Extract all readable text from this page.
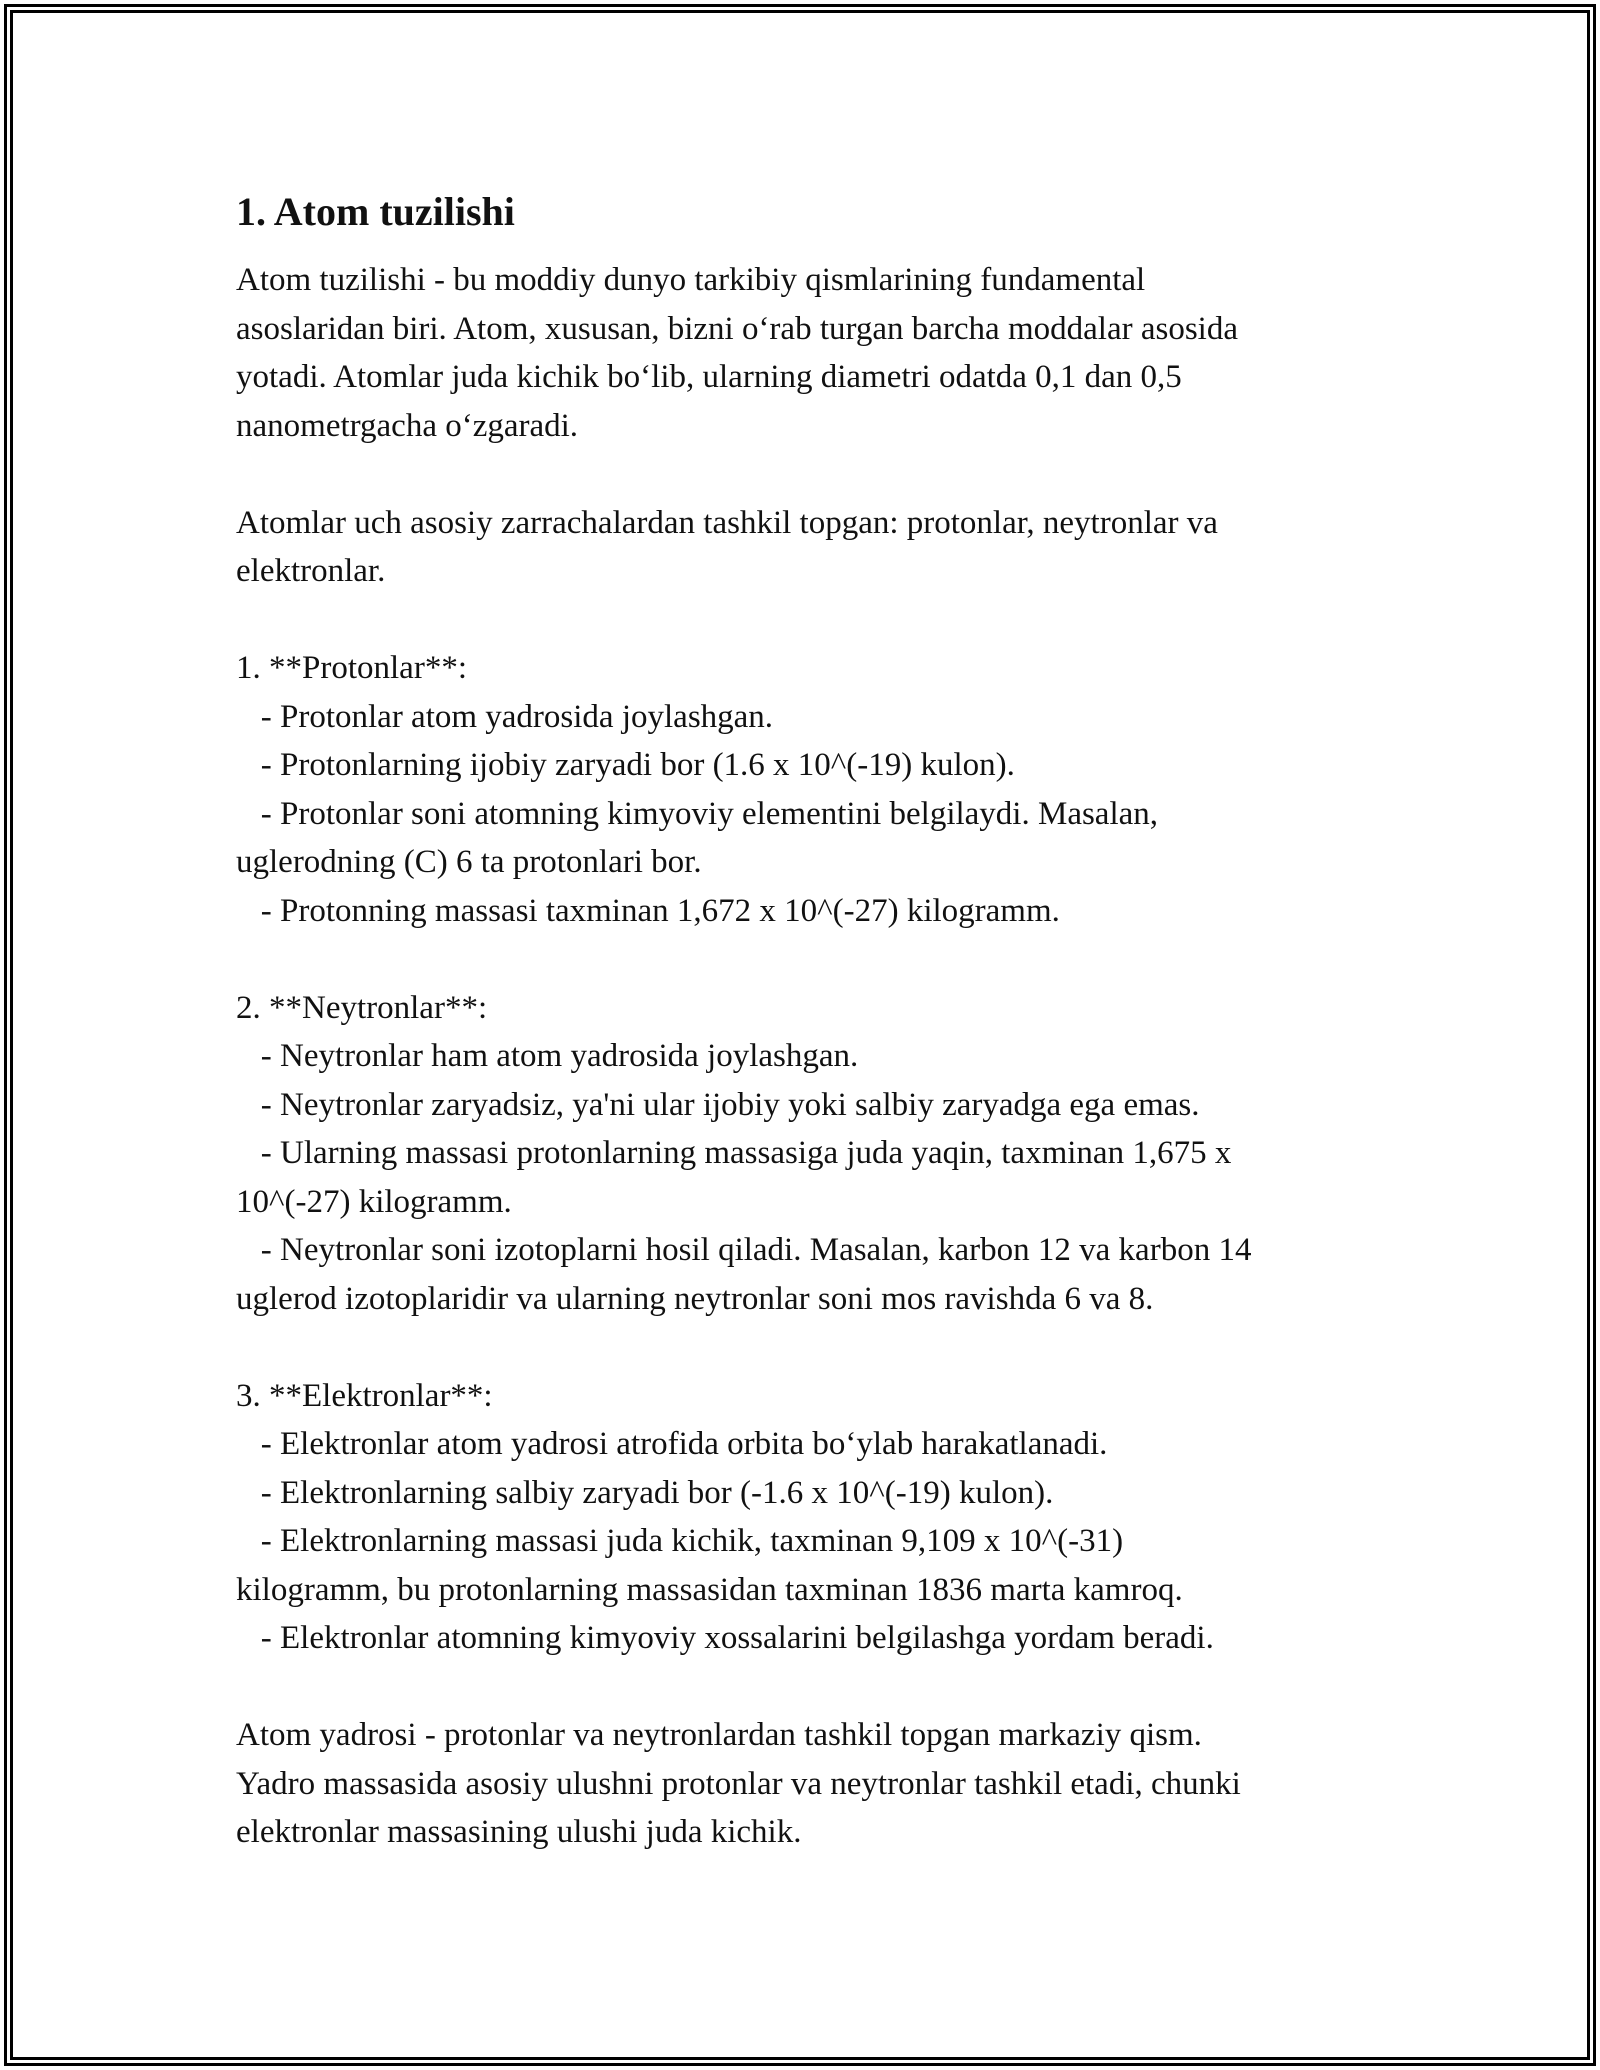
1. Atom tuzilishi
Atom tuzilishi - bu moddiy dunyo tarkibiy qismlarining fundamental
asoslaridan biri. Atom, xususan, bizni o‘rab turgan barcha moddalar asosida
yotadi. Atomlar juda kichik bo‘lib, ularning diametri odatda 0,1 dan 0,5
nanometrgacha o‘zgaradi.
Atomlar uch asosiy zarrachalardan tashkil topgan: protonlar, neytronlar va
elektronlar.
1. **Protonlar**:
- Protonlar atom yadrosida joylashgan.
- Protonlarning ijobiy zaryadi bor (1.6 x 10^(-19) kulon).
- Protonlar soni atomning kimyoviy elementini belgilaydi. Masalan,
uglerodning (C) 6 ta protonlari bor.
- Protonning massasi taxminan 1,672 x 10^(-27) kilogramm.
2. **Neytronlar**:
- Neytronlar ham atom yadrosida joylashgan.
- Neytronlar zaryadsiz, ya'ni ular ijobiy yoki salbiy zaryadga ega emas.
- Ularning massasi protonlarning massasiga juda yaqin, taxminan 1,675 x
10^(-27) kilogramm.
- Neytronlar soni izotoplarni hosil qiladi. Masalan, karbon 12 va karbon 14
uglerod izotoplaridir va ularning neytronlar soni mos ravishda 6 va 8.
3. **Elektronlar**:
- Elektronlar atom yadrosi atrofida orbita bo‘ylab harakatlanadi.
- Elektronlarning salbiy zaryadi bor (-1.6 x 10^(-19) kulon).
- Elektronlarning massasi juda kichik, taxminan 9,109 x 10^(-31)
kilogramm, bu protonlarning massasidan taxminan 1836 marta kamroq.
- Elektronlar atomning kimyoviy xossalarini belgilashga yordam beradi.
Atom yadrosi - protonlar va neytronlardan tashkil topgan markaziy qism.
Yadro massasida asosiy ulushni protonlar va neytronlar tashkil etadi, chunki
elektronlar massasining ulushi juda kichik.
